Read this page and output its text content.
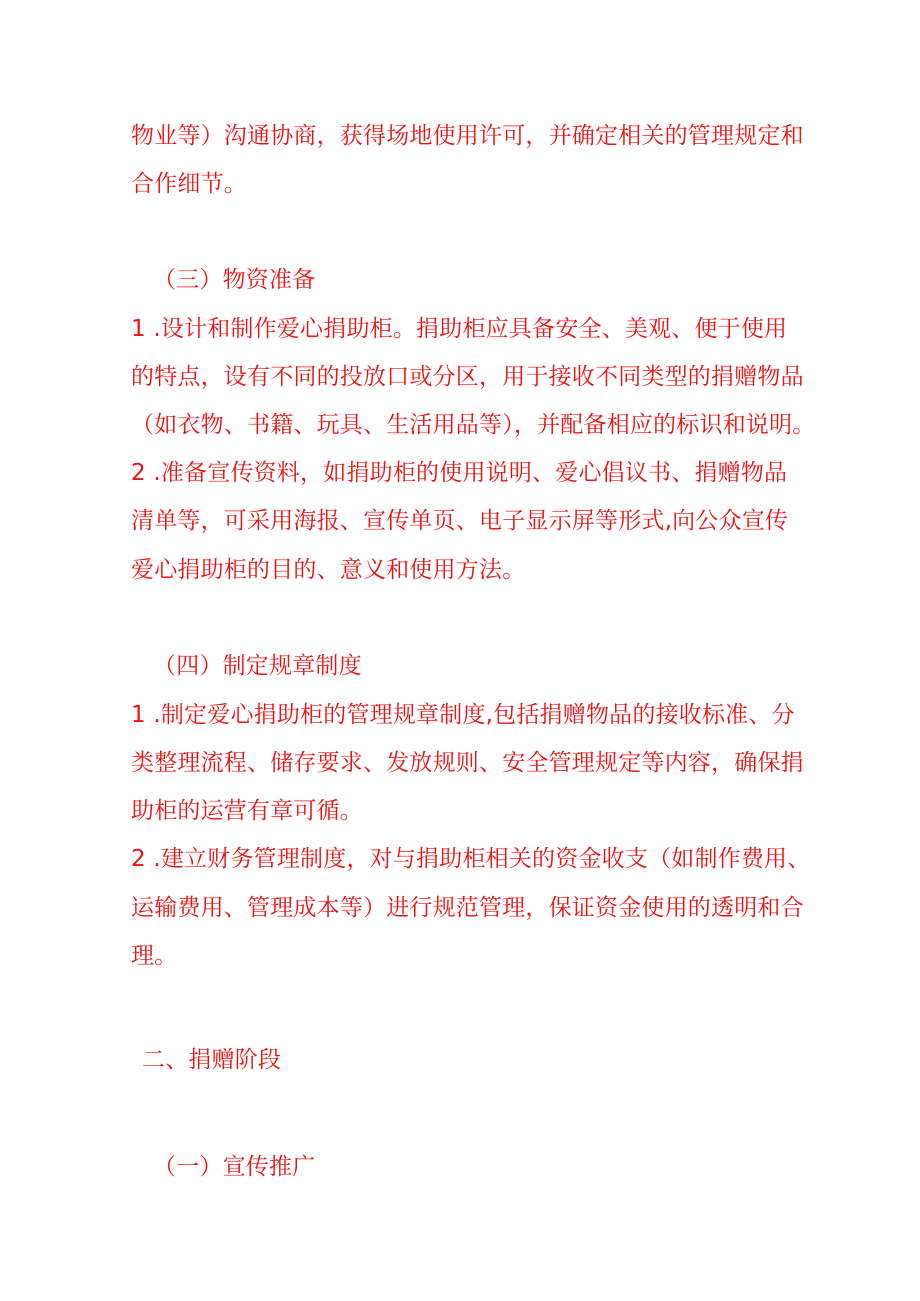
物业等）沟通协商，获得场地使用许可，并确定相关的管理规定和
合作细节。
（三）物资准备
1 .设计和制作爱心捐助柜。捐助柜应具备安全、美观、便于使用
的特点，设有不同的投放口或分区，用于接收不同类型的捐赠物品
（如衣物、书籍、玩具、生活用品等），并配备相应的标识和说明。
2 .准备宣传资料，如捐助柜的使用说明、爱心倡议书、捐赠物品
清单等，可采用海报、宣传单页、电子显示屏等形式,向公众宣传
爱心捐助柜的目的、意义和使用方法。
（四）制定规章制度
1 .制定爱心捐助柜的管理规章制度,包括捐赠物品的接收标准、分
类整理流程、储存要求、发放规则、安全管理规定等内容，确保捐
助柜的运营有章可循。
2 .建立财务管理制度，对与捐助柜相关的资金收支（如制作费用、
运输费用、管理成本等）进行规范管理，保证资金使用的透明和合
理。
二、捐赠阶段
（一）宣传推广
